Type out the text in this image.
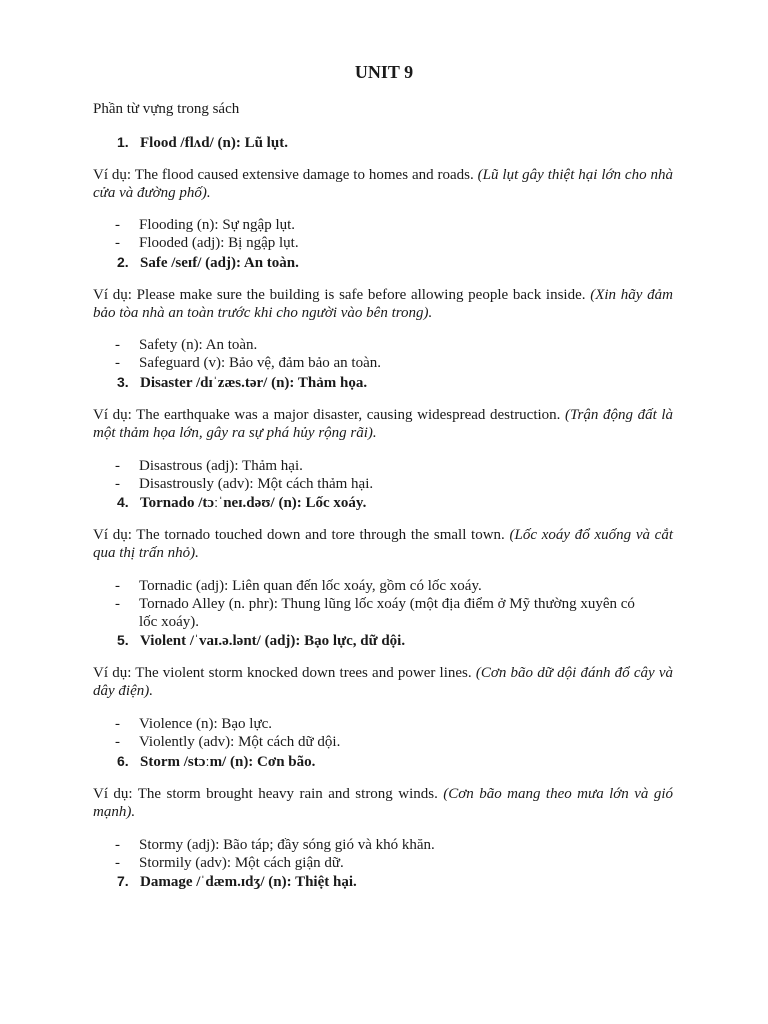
UNIT 9
Phần từ vựng trong sách
1. Flood /flʌd/ (n): Lũ lụt.
Ví dụ: The flood caused extensive damage to homes and roads. (Lũ lụt gây thiệt hại lớn cho nhà cửa và đường phố).
- Flooding (n): Sự ngập lụt.
- Flooded (adj): Bị ngập lụt.
2. Safe /seɪf/ (adj): An toàn.
Ví dụ: Please make sure the building is safe before allowing people back inside. (Xin hãy đảm bảo tòa nhà an toàn trước khi cho người vào bên trong).
- Safety (n): An toàn.
- Safeguard (v): Bảo vệ, đảm bảo an toàn.
3. Disaster /dɪˈzæs.tər/ (n): Thảm họa.
Ví dụ: The earthquake was a major disaster, causing widespread destruction. (Trận động đất là một thảm họa lớn, gây ra sự phá hủy rộng rãi).
- Disastrous (adj): Thảm hại.
- Disastrously (adv): Một cách thảm hại.
4. Tornado /tɔːˈneɪ.dəʊ/ (n): Lốc xoáy.
Ví dụ: The tornado touched down and tore through the small town. (Lốc xoáy đổ xuống và cắt qua thị trấn nhỏ).
- Tornadic (adj): Liên quan đến lốc xoáy, gồm có lốc xoáy.
- Tornado Alley (n. phr): Thung lũng lốc xoáy (một địa điểm ở Mỹ thường xuyên có lốc xoáy).
5. Violent /ˈvaɪ.ə.lənt/ (adj): Bạo lực, dữ dội.
Ví dụ: The violent storm knocked down trees and power lines. (Cơn bão dữ dội đánh đổ cây và dây điện).
- Violence (n): Bạo lực.
- Violently (adv): Một cách dữ dội.
6. Storm /stɔːm/ (n): Cơn bão.
Ví dụ: The storm brought heavy rain and strong winds. (Cơn bão mang theo mưa lớn và gió mạnh).
- Stormy (adj): Bão táp; đầy sóng gió và khó khăn.
- Stormily (adv): Một cách giận dữ.
7. Damage /ˈdæm.ɪdʒ/ (n): Thiệt hại.
